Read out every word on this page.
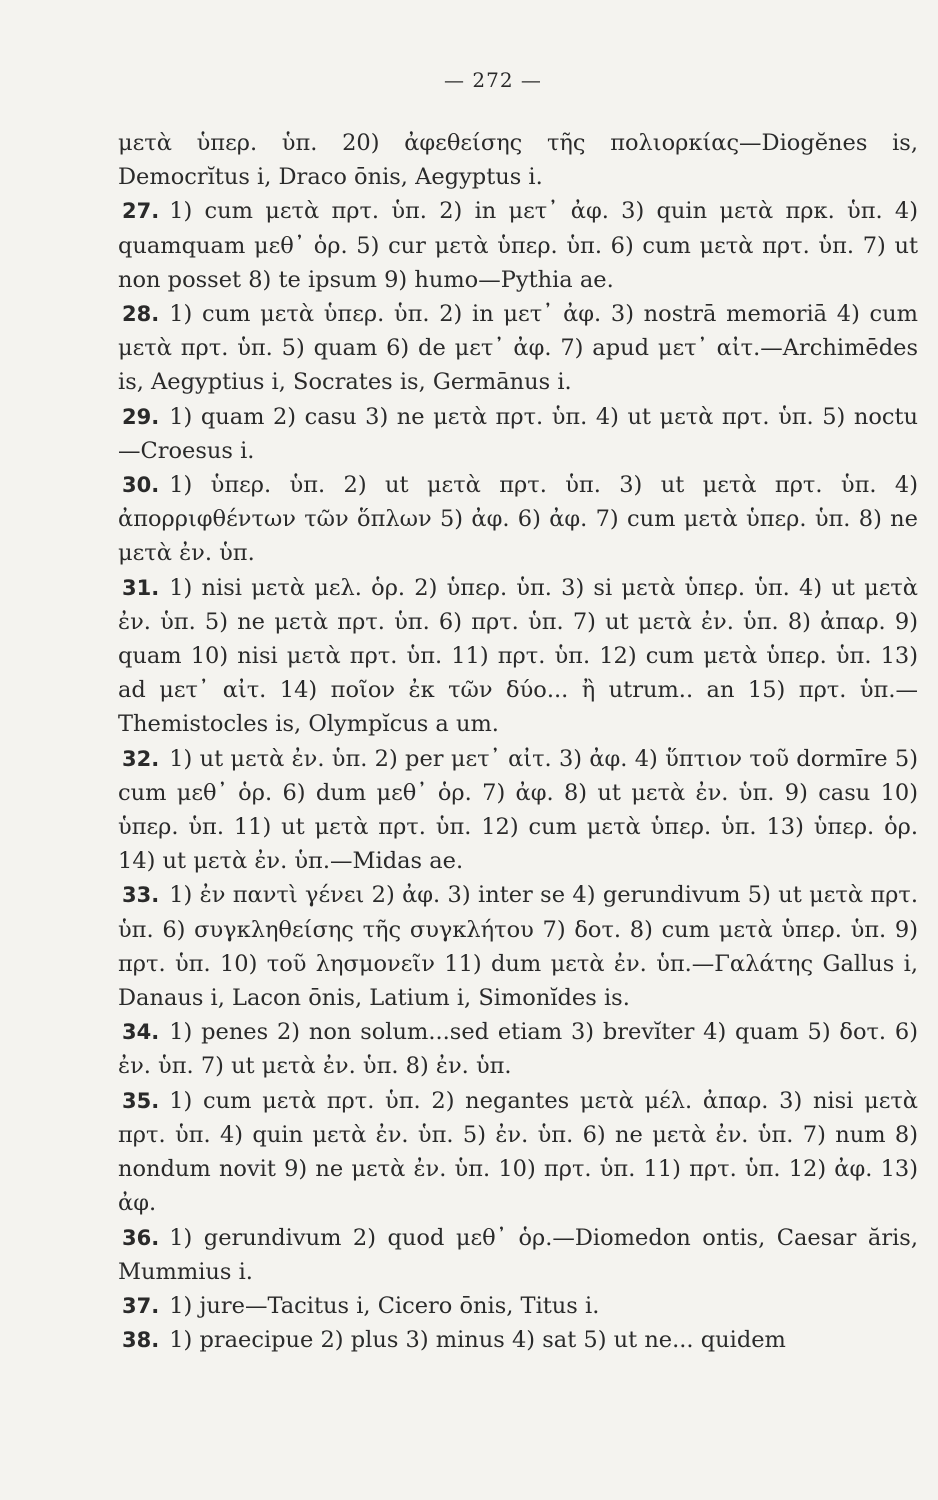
— 272 —

μετὰ ὑπερ. ὑπ. 20) ἀφεθείσης τῆς πολιορκίας—Diogĕnes is, Democrĭtus i, Draco ōnis, Aegyptus i.

27. 1) cum μετὰ πρτ. ὑπ. 2) in μετ᾽ ἀφ. 3) quin μετὰ πρκ. ὑπ. 4) quamquam μεθ᾽ ὁρ. 5) cur μετὰ ὑπερ. ὑπ. 6) cum μετὰ πρτ. ὑπ. 7) ut non posset 8) te ipsum 9) humo—Pythia ae.

28. 1) cum μετὰ ὑπερ. ὑπ. 2) in μετ᾽ ἀφ. 3) nostrā memoriā 4) cum μετὰ πρτ. ὑπ. 5) quam 6) de μετ᾽ ἀφ. 7) apud μετ᾽ αἰτ.—Archimēdes is, Aegyptius i, Socrates is, Germānus i.

29. 1) quam 2) casu 3) ne μετὰ πρτ. ὑπ. 4) ut μετὰ πρτ. ὑπ. 5) noctu—Croesus i.

30. 1) ὑπερ. ὑπ. 2) ut μετὰ πρτ. ὑπ. 3) ut μετὰ πρτ. ὑπ. 4) ἀπορριφθέντων τῶν ὅπλων 5) ἀφ. 6) ἀφ. 7) cum μετὰ ὑπερ. ὑπ. 8) ne μετὰ ἐν. ὑπ.

31. 1) nisi μετὰ μελ. ὁρ. 2) ὑπερ. ὑπ. 3) si μετὰ ὑπερ. ὑπ. 4) ut μετὰ ἐν. ὑπ. 5) ne μετὰ πρτ. ὑπ. 6) πρτ. ὑπ. 7) ut μετὰ ἐν. ὑπ. 8) ἀπαρ. 9) quam 10) nisi μετὰ πρτ. ὑπ. 11) πρτ. ὑπ. 12) cum μετὰ ὑπερ. ὑπ. 13) ad μετ᾽ αἰτ. 14) ποῖον ἐκ τῶν δύο... ἢ utrum.. an 15) πρτ. ὑπ.—Themistocles is, Olympĭcus a um.

32. 1) ut μετὰ ἐν. ὑπ. 2) per μετ᾽ αἰτ. 3) ἀφ. 4) ὕπτιον τοῦ dormīre 5) cum μεθ᾽ ὁρ. 6) dum μεθ᾽ ὁρ. 7) ἀφ. 8) ut μετὰ ἐν. ὑπ. 9) casu 10) ὑπερ. ὑπ. 11) ut μετὰ πρτ. ὑπ. 12) cum μετὰ ὑπερ. ὑπ. 13) ὑπερ. ὁρ. 14) ut μετὰ ἐν. ὑπ.—Midas ae.

33. 1) ἐν παντὶ γένει 2) ἀφ. 3) inter se 4) gerundivum 5) ut μετὰ πρτ. ὑπ. 6) συγκληθείσης τῆς συγκλήτου 7) δοτ. 8) cum μετὰ ὑπερ. ὑπ. 9) πρτ. ὑπ. 10) τοῦ λησμονεῖν 11) dum μετὰ ἐν. ὑπ.—Γαλάτης Gallus i, Danaus i, Lacon ōnis, Latium i, Simonĭdes is.

34. 1) penes 2) non solum...sed etiam 3) brevĭter 4) quam 5) δοτ. 6) ἐν. ὑπ. 7) ut μετὰ ἐν. ὑπ. 8) ἐν. ὑπ.

35. 1) cum μετὰ πρτ. ὑπ. 2) negantes μετὰ μέλ. ἀπαρ. 3) nisi μετὰ πρτ. ὑπ. 4) quin μετὰ ἐν. ὑπ. 5) ἐν. ὑπ. 6) ne μετὰ ἐν. ὑπ. 7) num 8) nondum novit 9) ne μετὰ ἐν. ὑπ. 10) πρτ. ὑπ. 11) πρτ. ὑπ. 12) ἀφ. 13) ἀφ.

36. 1) gerundivum 2) quod μεθ᾽ ὁρ.—Diomedon ontis, Caesar ăris, Mummius i.

37. 1) jure—Tacitus i, Cicero ōnis, Titus i.

38. 1) praecipue 2) plus 3) minus 4) sat 5) ut ne... quidem
